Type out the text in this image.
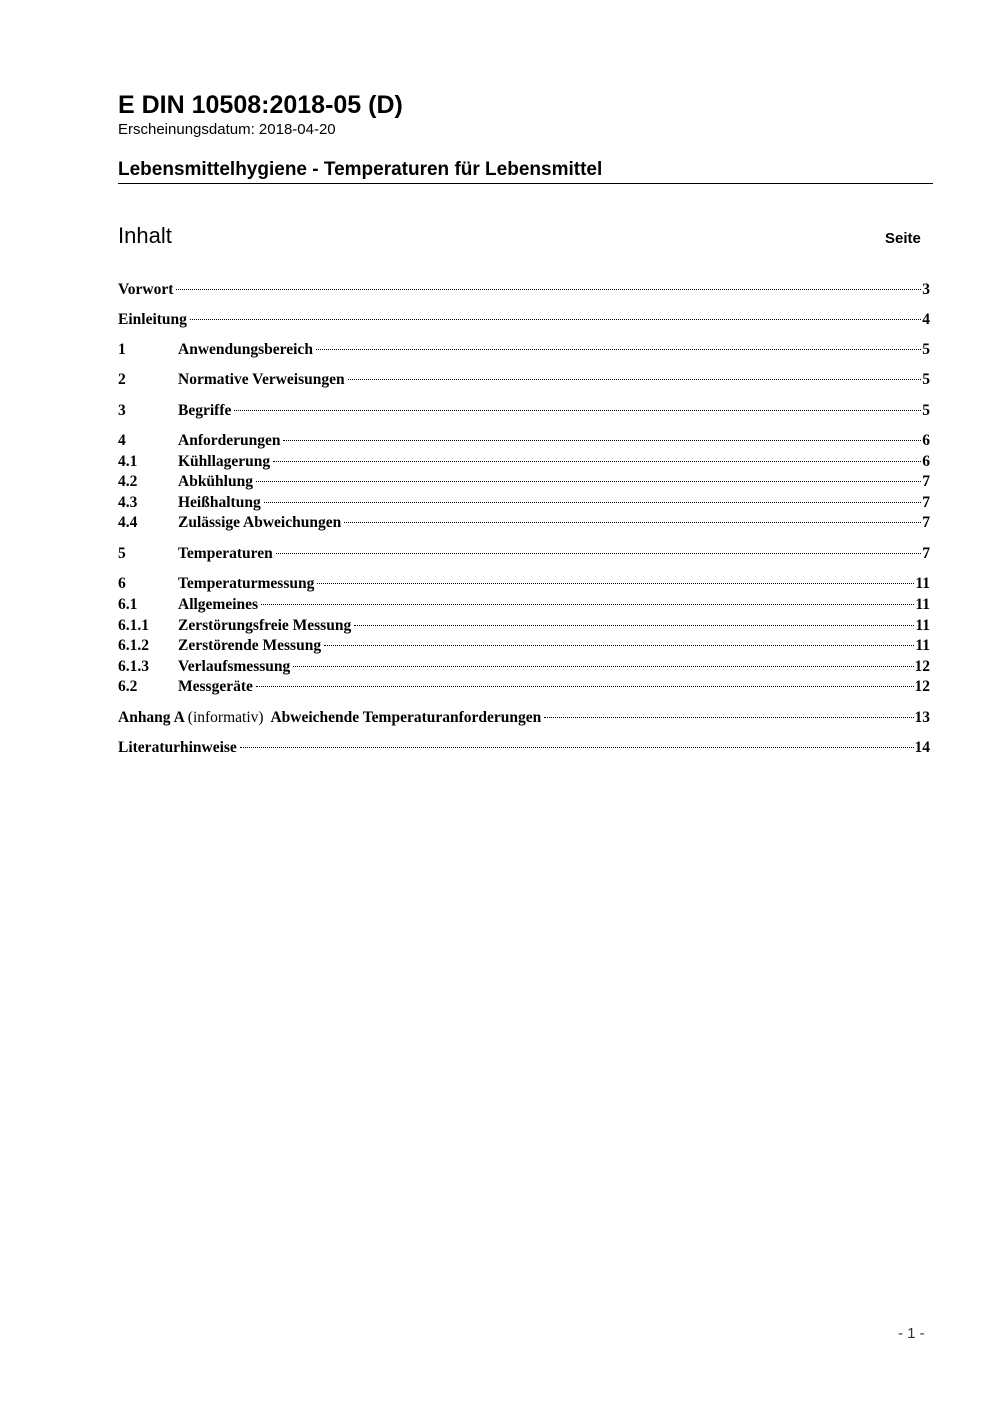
E DIN 10508:2018-05 (D)
Erscheinungsdatum: 2018-04-20
Lebensmittelhygiene - Temperaturen für Lebensmittel
Inhalt	Seite
Vorwort	3
Einleitung	4
1	Anwendungsbereich	5
2	Normative Verweisungen	5
3	Begriffe	5
4	Anforderungen	6
4.1	Kühllagerung	6
4.2	Abkühlung	7
4.3	Heißhaltung	7
4.4	Zulässige Abweichungen	7
5	Temperaturen	7
6	Temperaturmessung	11
6.1	Allgemeines	11
6.1.1	Zerstörungsfreie Messung	11
6.1.2	Zerstörende Messung	11
6.1.3	Verlaufsmessung	12
6.2	Messgeräte	12
Anhang A (informativ) Abweichende Temperaturanforderungen	13
Literaturhinweise	14
- 1 -
